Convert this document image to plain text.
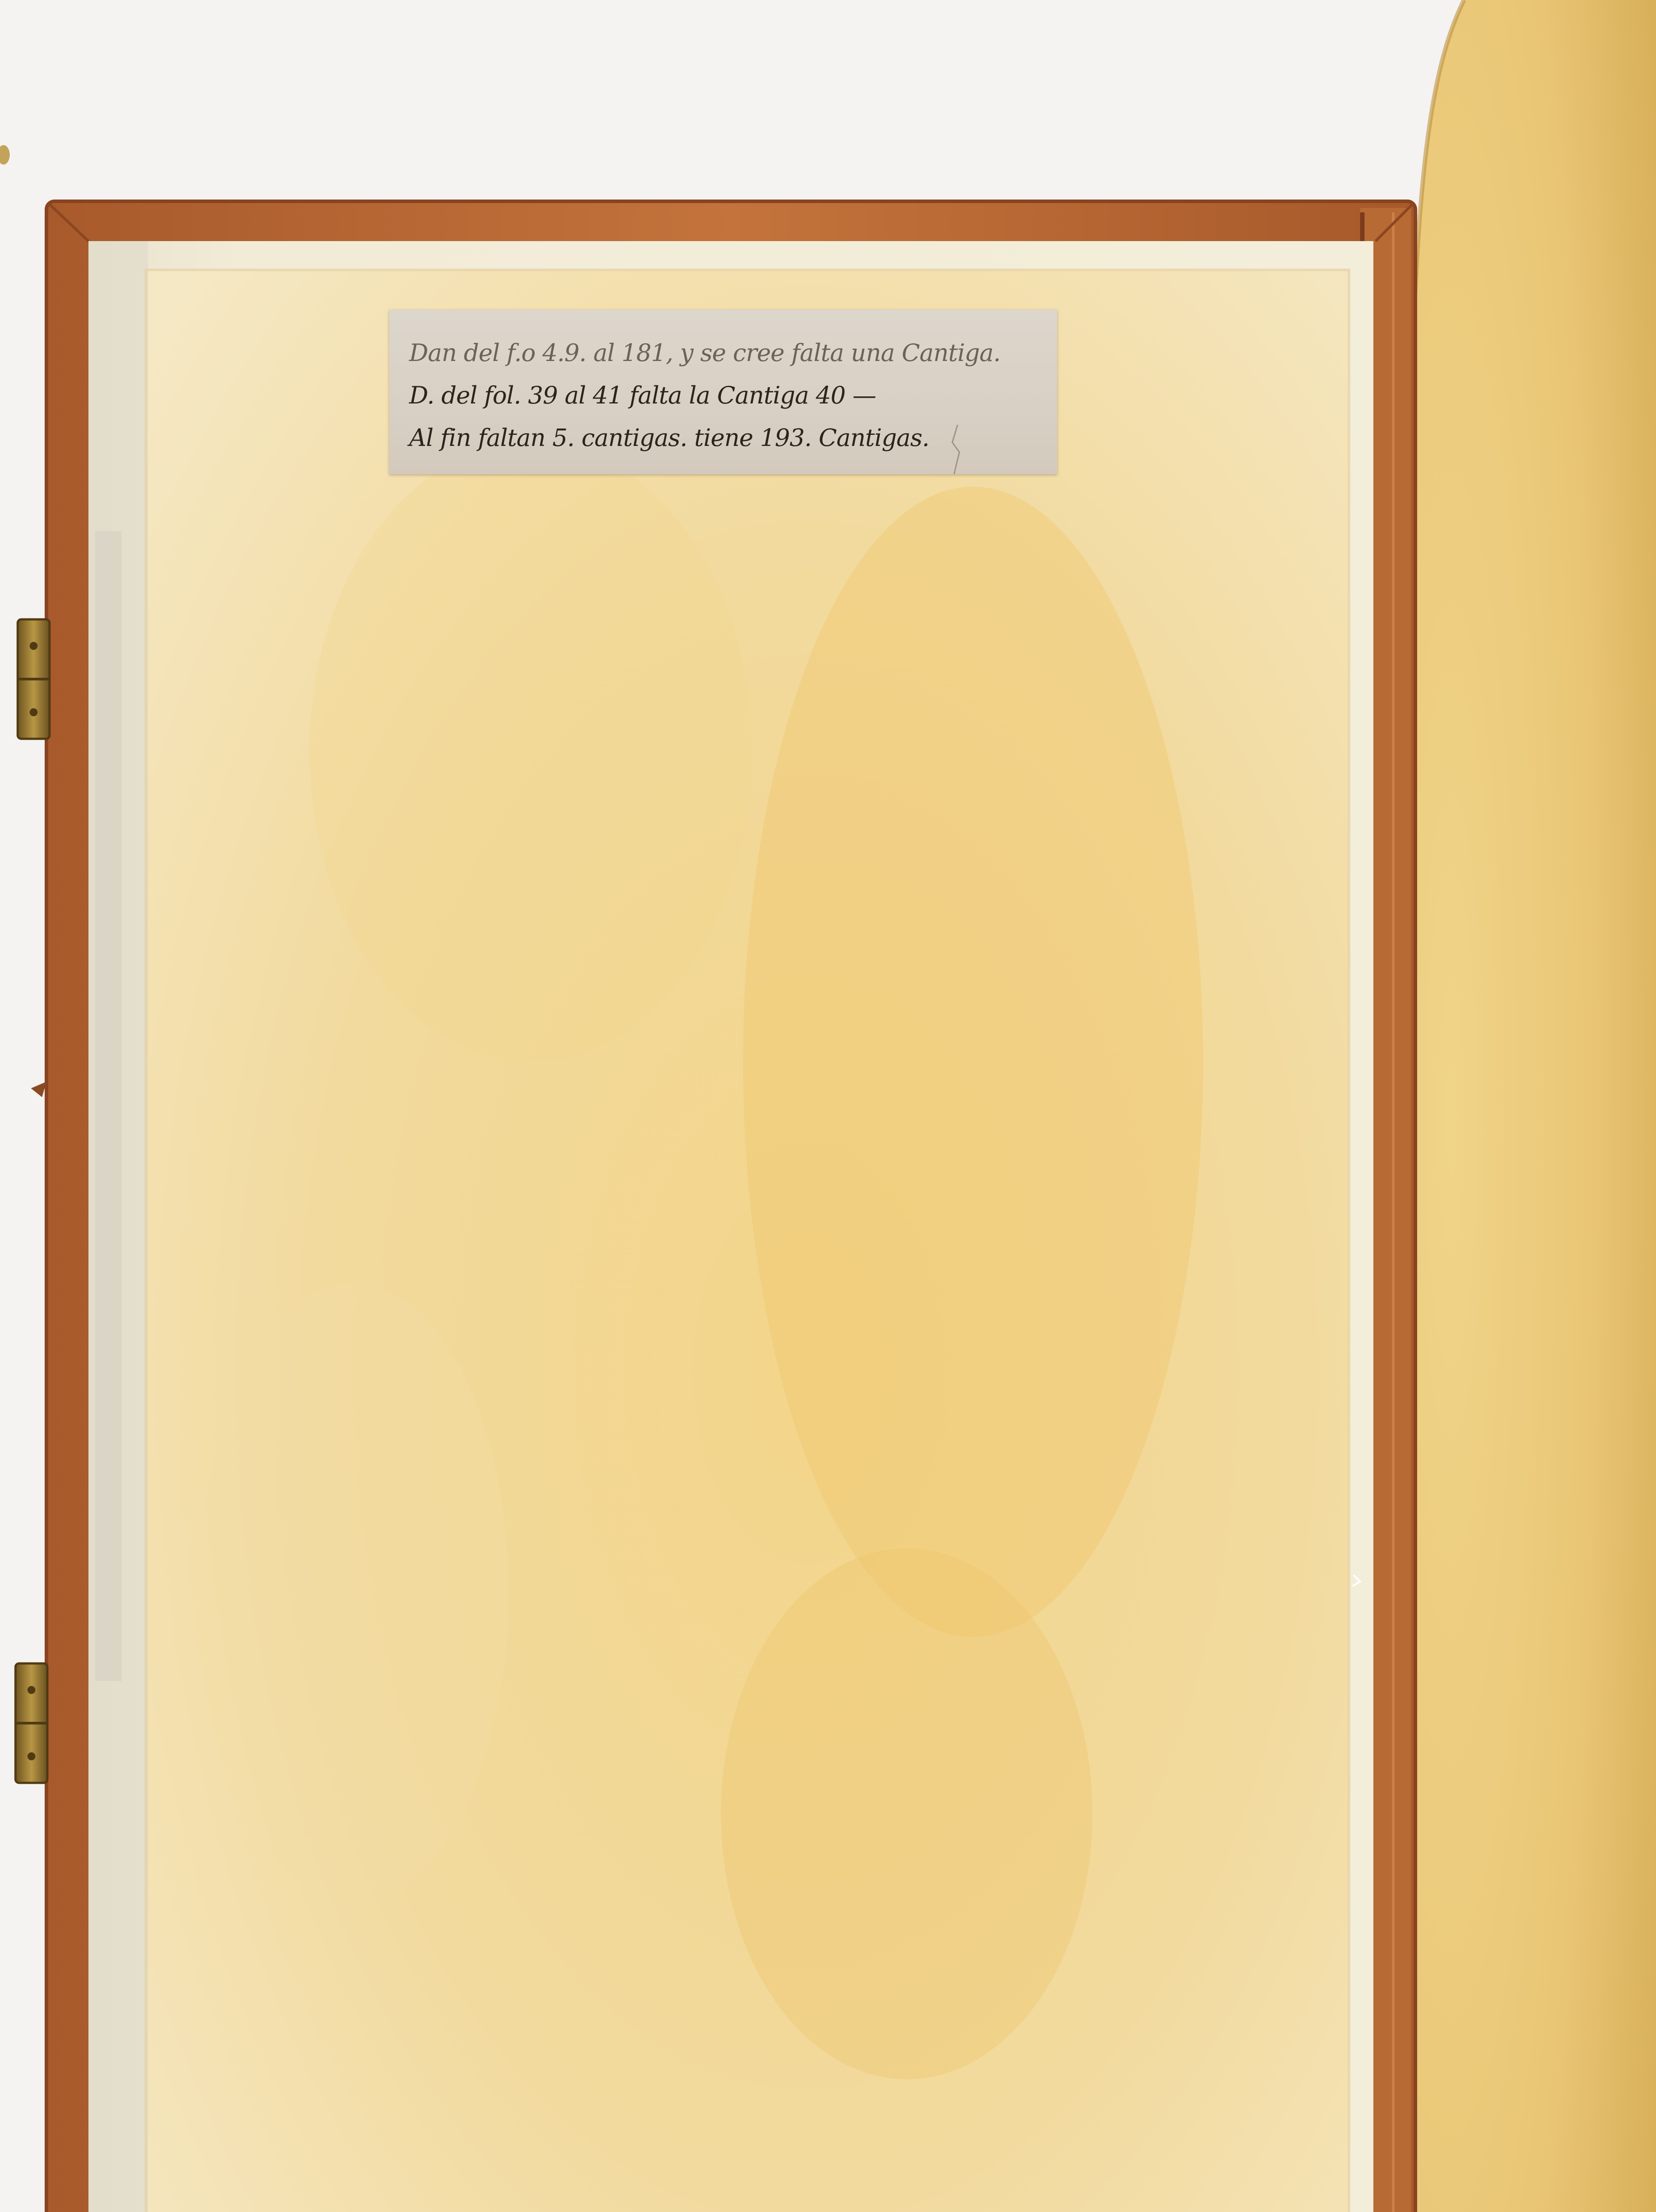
Dan del f.o 4.9. al 181, y se cree falta una Cantiga.
D. del fol. 39 al 41 falta la Cantiga 40 —
Al fin faltan 5. cantigas. tiene 193. Cantigas.
